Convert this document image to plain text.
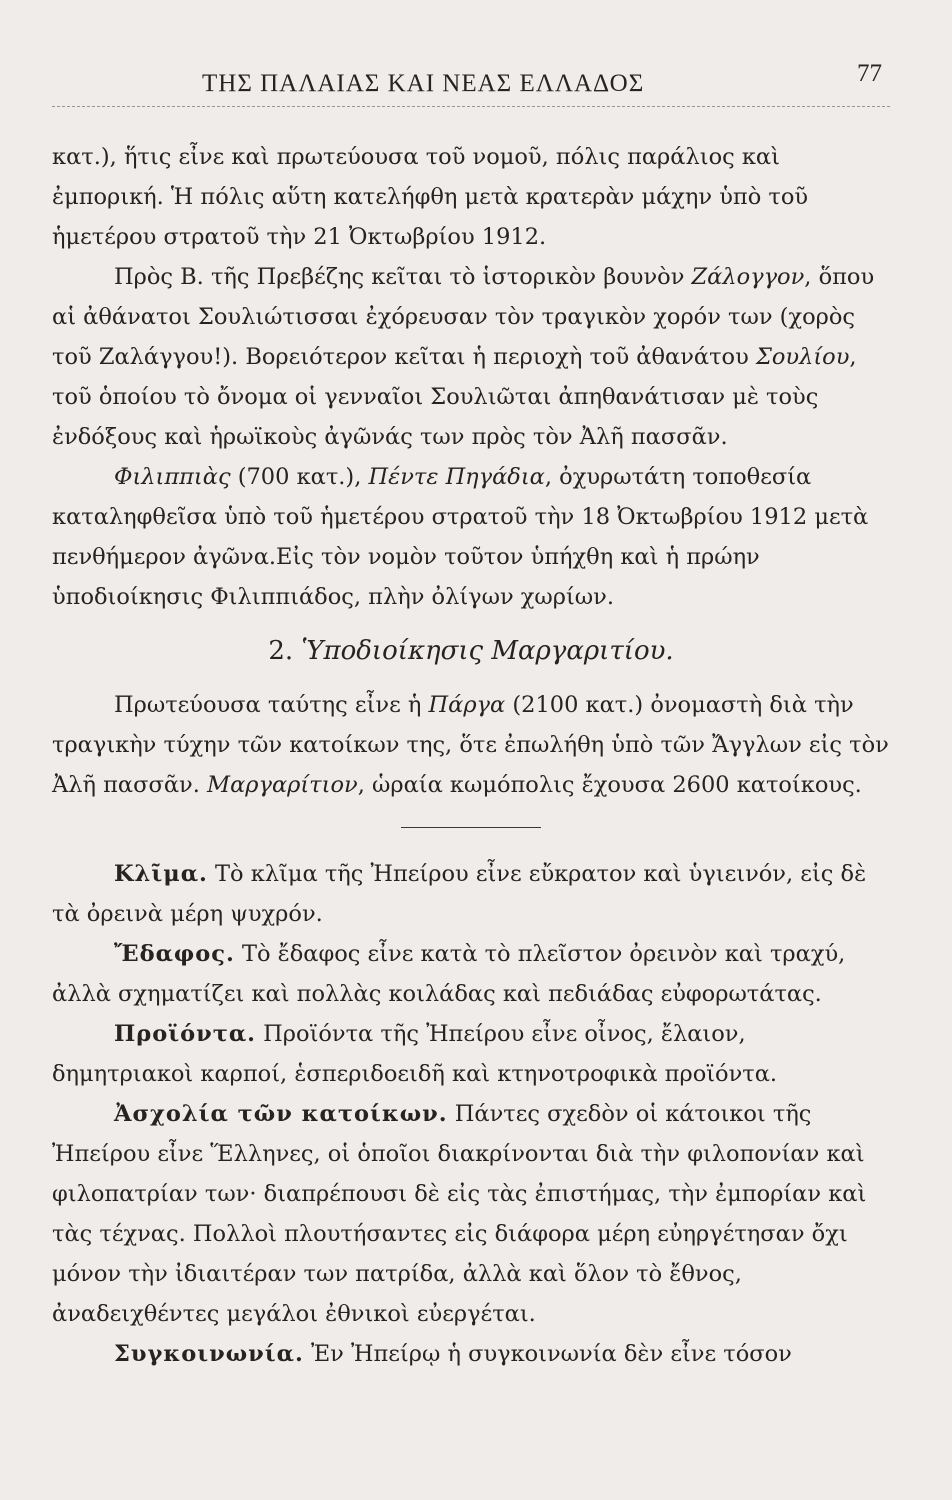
ΤΗΣ ΠΑΛΑΙΑΣ ΚΑΙ ΝΕΑΣ ΕΛΛΑΔΟΣ	77

κατ.), ἥτις εἶνε καὶ πρωτεύουσα τοῦ νομοῦ, πόλις παράλιος καὶ ἐμπορική. Ἡ πόλις αὕτη κατελήφθη μετὰ κρατερὰν μάχην ὑπὸ τοῦ ἡμετέρου στρατοῦ τὴν 21 Ὀκτωβρίου 1912.

Πρὸς Β. τῆς Πρεβέζης κεῖται τὸ ἱστορικὸν βουνὸν Ζάλογγον, ὅπου αἱ ἀθάνατοι Σουλιώτισσαι ἐχόρευσαν τὸν τραγικὸν χορόν των (χορὸς τοῦ Ζαλάγγου!). Βορειότερον κεῖται ἡ περιοχὴ τοῦ ἀθανάτου Σουλίου, τοῦ ὁποίου τὸ ὄνομα οἱ γενναῖοι Σουλιῶται ἀπηθανάτισαν μὲ τοὺς ἐνδόξους καὶ ἡρωϊκοὺς ἀγῶνάς των πρὸς τὸν Ἀλῆ πασσᾶν.

Φιλιππιὰς (700 κατ.), Πέντε Πηγάδια, ὀχυρωτάτη τοποθεσία καταληφθεῖσα ὑπὸ τοῦ ἡμετέρου στρατοῦ τὴν 18 Ὀκτωβρίου 1912 μετὰ πενθήμερον ἀγῶνα.Εἰς τὸν νομὸν τοῦτον ὑπήχθη καὶ ἡ πρώην ὑποδιοίκησις Φιλιππιάδος, πλὴν ὀλίγων χωρίων.

2. Ὑποδιοίκησις Μαργαριτίου.

Πρωτεύουσα ταύτης εἶνε ἡ Πάργα (2100 κατ.) ὀνομαστὴ διὰ τὴν τραγικὴν τύχην τῶν κατοίκων της, ὅτε ἐπωλήθη ὑπὸ τῶν Ἄγγλων εἰς τὸν Ἀλῆ πασσᾶν. Μαργαρίτιον, ὡραία κωμόπολις ἔχουσα 2600 κατοίκους.

Κλῖμα. Τὸ κλῖμα τῆς Ἠπείρου εἶνε εὔκρατον καὶ ὑγιεινόν, εἰς δὲ τὰ ὀρεινὰ μέρη ψυχρόν.

Ἔδαφος. Τὸ ἔδαφος εἶνε κατὰ τὸ πλεῖστον ὀρεινὸν καὶ τραχύ, ἀλλὰ σχηματίζει καὶ πολλὰς κοιλάδας καὶ πεδιάδας εὐφορωτάτας.

Προϊόντα. Προϊόντα τῆς Ἠπείρου εἶνε οἶνος, ἔλαιον, δημητριακοὶ καρποί, ἑσπεριδοειδῆ καὶ κτηνοτροφικὰ προϊόντα.

Ἀσχολία τῶν κατοίκων. Πάντες σχεδὸν οἱ κάτοικοι τῆς Ἠπείρου εἶνε Ἕλληνες, οἱ ὁποῖοι διακρίνονται διὰ τὴν φιλοπονίαν καὶ φιλοπατρίαν των· διαπρέπουσι δὲ εἰς τὰς ἐπιστήμας, τὴν ἐμπορίαν καὶ τὰς τέχνας. Πολλοὶ πλουτήσαντες εἰς διάφορα μέρη εὐηργέτησαν ὄχι μόνον τὴν ἰδιαιτέραν των πατρίδα, ἀλλὰ καὶ ὅλον τὸ ἔθνος, ἀναδειχθέντες μεγάλοι ἐθνικοὶ εὐεργέται.

Συγκοινωνία. Ἐν Ἠπείρῳ ἡ συγκοινωνία δὲν εἶνε τόσον
